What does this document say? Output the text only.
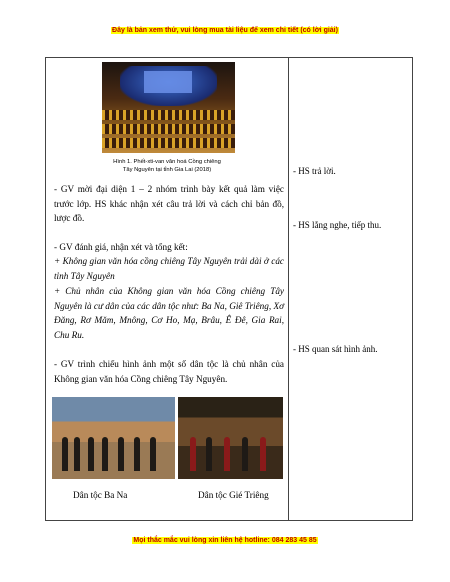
Đây là bản xem thử, vui lòng mua tài liệu để xem chi tiết (có lời giải)
Hình 1. Phết-xti-van văn hoá Cồng chiêng
Tây Nguyên tại tỉnh Gia Lai (2018)
- GV mời đại diện 1 – 2 nhóm trình bày kết quả làm việc trước lớp. HS khác nhận xét câu trả lời và cách chỉ bản đồ, lược đồ.
- GV đánh giá, nhận xét và tổng kết:
+ Không gian văn hóa cồng chiêng Tây Nguyên trải dài ở các tỉnh Tây Nguyên
+ Chủ nhân của Không gian văn hóa Cồng chiêng Tây Nguyên là cư dân của các dân tộc như: Ba Na, Giê Triêng, Xơ Đăng, Rơ Măm, Mnông, Cơ Ho, Mạ, Brâu, Ê Đê, Gia Rai, Chu Ru.
- GV trình chiếu hình ảnh một số dân tộc là chủ nhân của Không gian văn hóa Cồng chiêng Tây Nguyên.
Dân tộc Ba Na	Dân tộc Gié Triêng
- HS trả lời.
- HS lắng nghe, tiếp thu.
- HS quan sát hình ảnh.
Mọi thắc mắc vui lòng xin liên hệ hotline: 084 283 45 85
